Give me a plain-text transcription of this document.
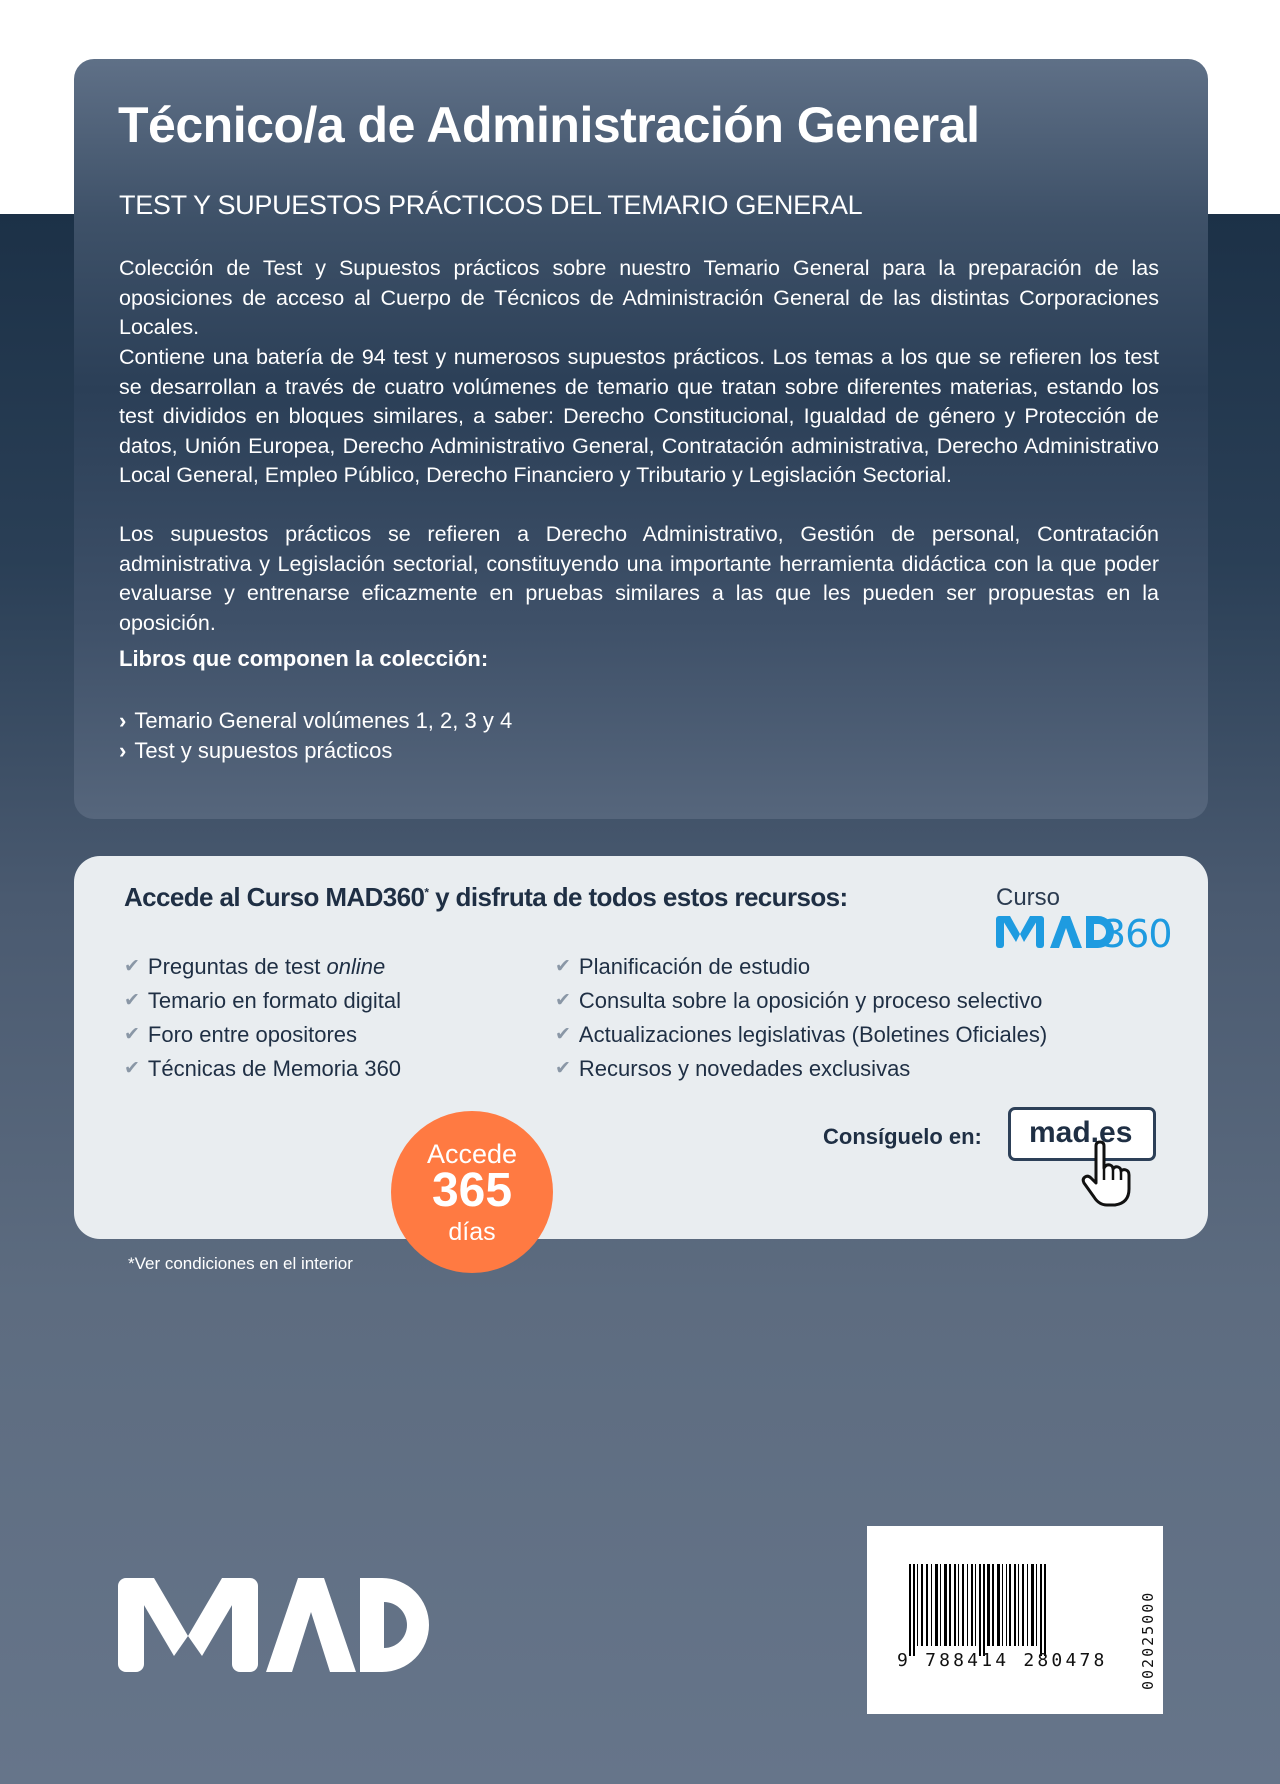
Técnico/a de Administración General
TEST Y SUPUESTOS PRÁCTICOS DEL TEMARIO GENERAL

Colección de Test y Supuestos prácticos sobre nuestro Temario General para la preparación de las oposiciones de acceso al Cuerpo de Técnicos de Administración General de las distintas Corporaciones Locales.

Contiene una batería de 94 test y numerosos supuestos prácticos. Los temas a los que se refieren los test se desarrollan a través de cuatro volúmenes de temario que tratan sobre diferentes materias, estando los test divididos en bloques similares, a saber: Derecho Constitucional, Igualdad de género y Protección de datos, Unión Europea, Derecho Administrativo General, Contratación administrativa, Derecho Administrativo Local General, Empleo Público, Derecho Financiero y Tributario y Legislación Sectorial.

Los supuestos prácticos se refieren a Derecho Administrativo, Gestión de personal, Contratación administrativa y Legislación sectorial, constituyendo una importante herramienta didáctica con la que poder evaluarse y entrenarse eficazmente en pruebas similares a las que les pueden ser propuestas en la oposición.

Libros que componen la colección:
› Temario General volúmenes 1, 2, 3 y 4
› Test y supuestos prácticos
Accede al Curso MAD360* y disfruta de todos estos recursos:	Curso
MAD360	360
✔ Preguntas de test online
✔ Temario en formato digital
✔ Foro entre opositores
✔ Técnicas de Memoria 360
✔ Planificación de estudio
✔ Consulta sobre la oposición y proceso selectivo
✔ Actualizaciones legislativas (Boletines Oficiales)
✔ Recursos y novedades exclusivas
Consíguelo en: mad.es
Accede
365
días
*Ver condiciones en el interior
MAD
9 788414 280478 002025000
